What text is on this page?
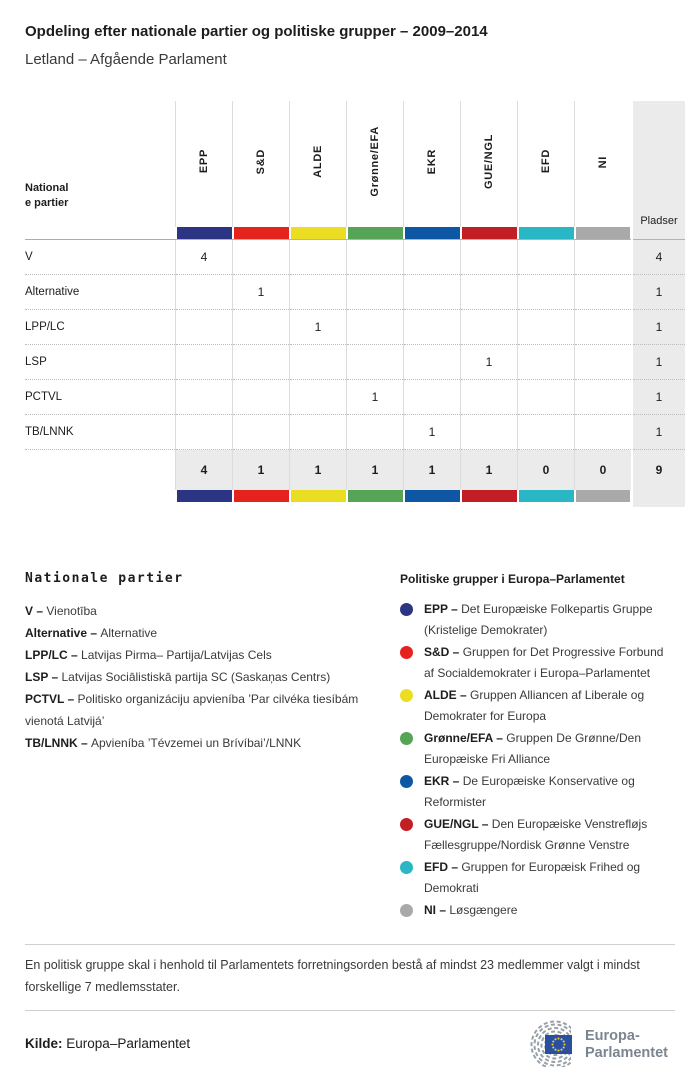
Opdeling efter nationale partier og politiske grupper – 2009–2014
Letland – Afgående Parlament
National
e partier	EPP	S&D	ALDE	Grønne/EFA	EKR	GUE/NGL	EFD	NI	Pladser

V	4								4
Alternative		1							1
LPP/LC			1						1
LSP						1			1
PCTVL				1					1
TB/LNNK					1				1
	4	1	1	1	1	1	0	0	9

Nationale partier
V – Vienotība
Alternative – Alternative
LPP/LC – Latvijas Pirma– Partija/Latvijas Cels
LSP – Latvijas Sociālistiskā partija SC (Saskaņas Centrs)
PCTVL – Politisko organizáciju apvieníba ’Par cilvéka tiesíbám vienotá Latvijá’
TB/LNNK – Apvieníba ’Tévzemei un Brívíbai’/LNNK
Politiske grupper i Europa–Parlamentet
EPP – Det Europæiske Folkepartis Gruppe (Kristelige Demokrater)
S&D – Gruppen for Det Progressive Forbund af Socialdemokrater i Europa–Parlamentet
ALDE – Gruppen Alliancen af Liberale og Demokrater for Europa
Grønne/EFA – Gruppen De Grønne/Den Europæiske Fri Alliance
EKR – De Europæiske Konservative og Reformister
GUE/NGL – Den Europæiske Venstrefløjs Fællesgruppe/Nordisk Grønne Venstre
EFD – Gruppen for Europæisk Frihed og Demokrati
NI – Løsgængere
En politisk gruppe skal i henhold til Parlamentets forretningsorden bestå af mindst 23 medlemmer valgt i mindst forskellige 7 medlemsstater.
Kilde: Europa–Parlamentet	Europa-
Parlamentet
